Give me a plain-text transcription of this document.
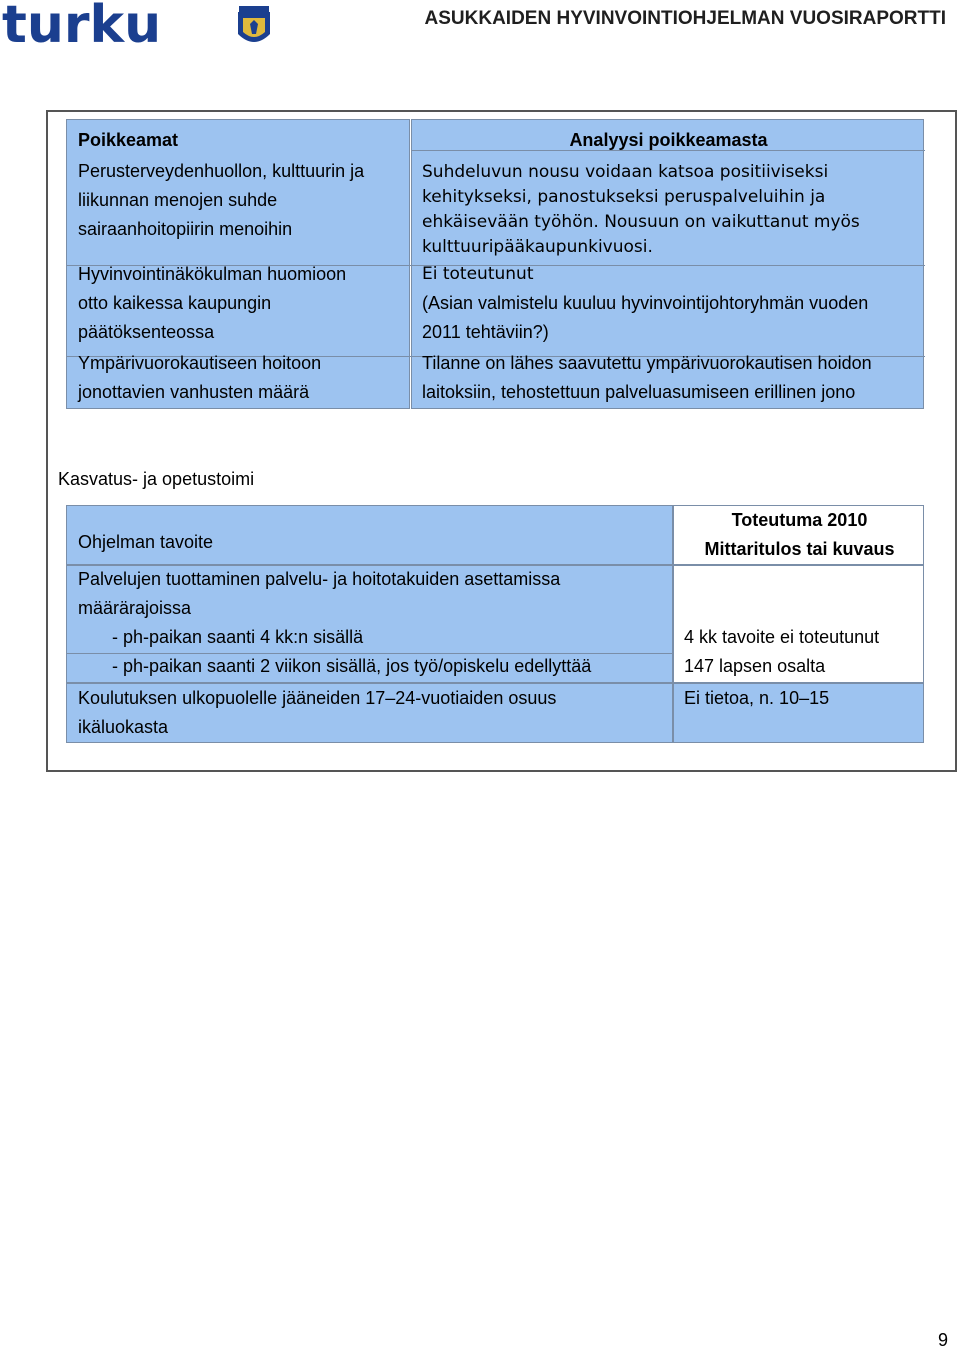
turku	ASUKKAIDEN HYVINVOINTIOHJELMAN VUOSIRAPORTTI
Poikkeamat
Perusterveydenhuollon, kulttuurin ja
liikunnan menojen suhde
sairaanhoitopiirin menoihin
Hyvinvointinäkökulman huomioon
otto kaikessa kaupungin
päätöksenteossa
Ympärivuorokautiseen hoitoon
jonottavien vanhusten määrä
Analyysi poikkeamasta
Suhdeluvun nousu voidaan katsoa positiiviseksi
kehitykseksi, panostukseksi peruspalveluihin ja
ehkäisevään työhön. Nousuun on vaikuttanut myös
kulttuuripääkaupunkivuosi.
Ei toteutunut
(Asian valmistelu kuuluu hyvinvointijohtoryhmän vuoden
2011 tehtäviin?)
Tilanne on lähes saavutettu ympärivuorokautisen hoidon
laitoksiin, tehostettuun palveluasumiseen erillinen jono
Kasvatus- ja opetustoimi
Ohjelman tavoite
Toteutuma 2010
Mittaritulos tai kuvaus
Palvelujen tuottaminen palvelu- ja hoitotakuiden asettamissa
määrärajoissa
- ph-paikan saanti 4 kk:n sisällä
- ph-paikan saanti 2 viikon sisällä, jos työ/opiskelu edellyttää
4 kk tavoite ei toteutunut
147 lapsen osalta
Koulutuksen ulkopuolelle jääneiden 17–24-vuotiaiden osuus
ikäluokasta
Ei tietoa, n. 10–15
9
